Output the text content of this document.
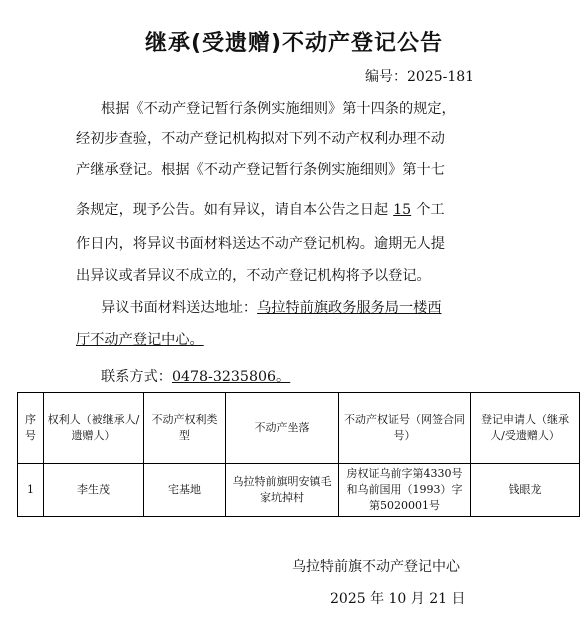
继承(受遗赠)不动产登记公告
编号：2025-181
根据《不动产登记暂行条例实施细则》第十四条的规定，
经初步查验，不动产登记机构拟对下列不动产权利办理不动
产继承登记。根据《不动产登记暂行条例实施细则》第十七
条规定，现予公告。如有异议，请自本公告之日起 15 个工
作日内，将异议书面材料送达不动产登记机构。逾期无人提
出异议或者异议不成立的，不动产登记机构将予以登记。
异议书面材料送达地址：乌拉特前旗政务服务局一楼西
厅不动产登记中心。
联系方式：0478-3235806。
序号	权利人（被继承人/遗赠人）	不动产权利类型	不动产坐落	不动产权证号（网签合同号）	登记申请人（继承人/受遗赠人）
1	李生茂	宅基地	乌拉特前旗明安镇毛家坑掉村	房权证乌前字第4330号和乌前国用（1993）字第5020001号	钱眼龙
乌拉特前旗不动产登记中心
2025 年 10 月 21 日
